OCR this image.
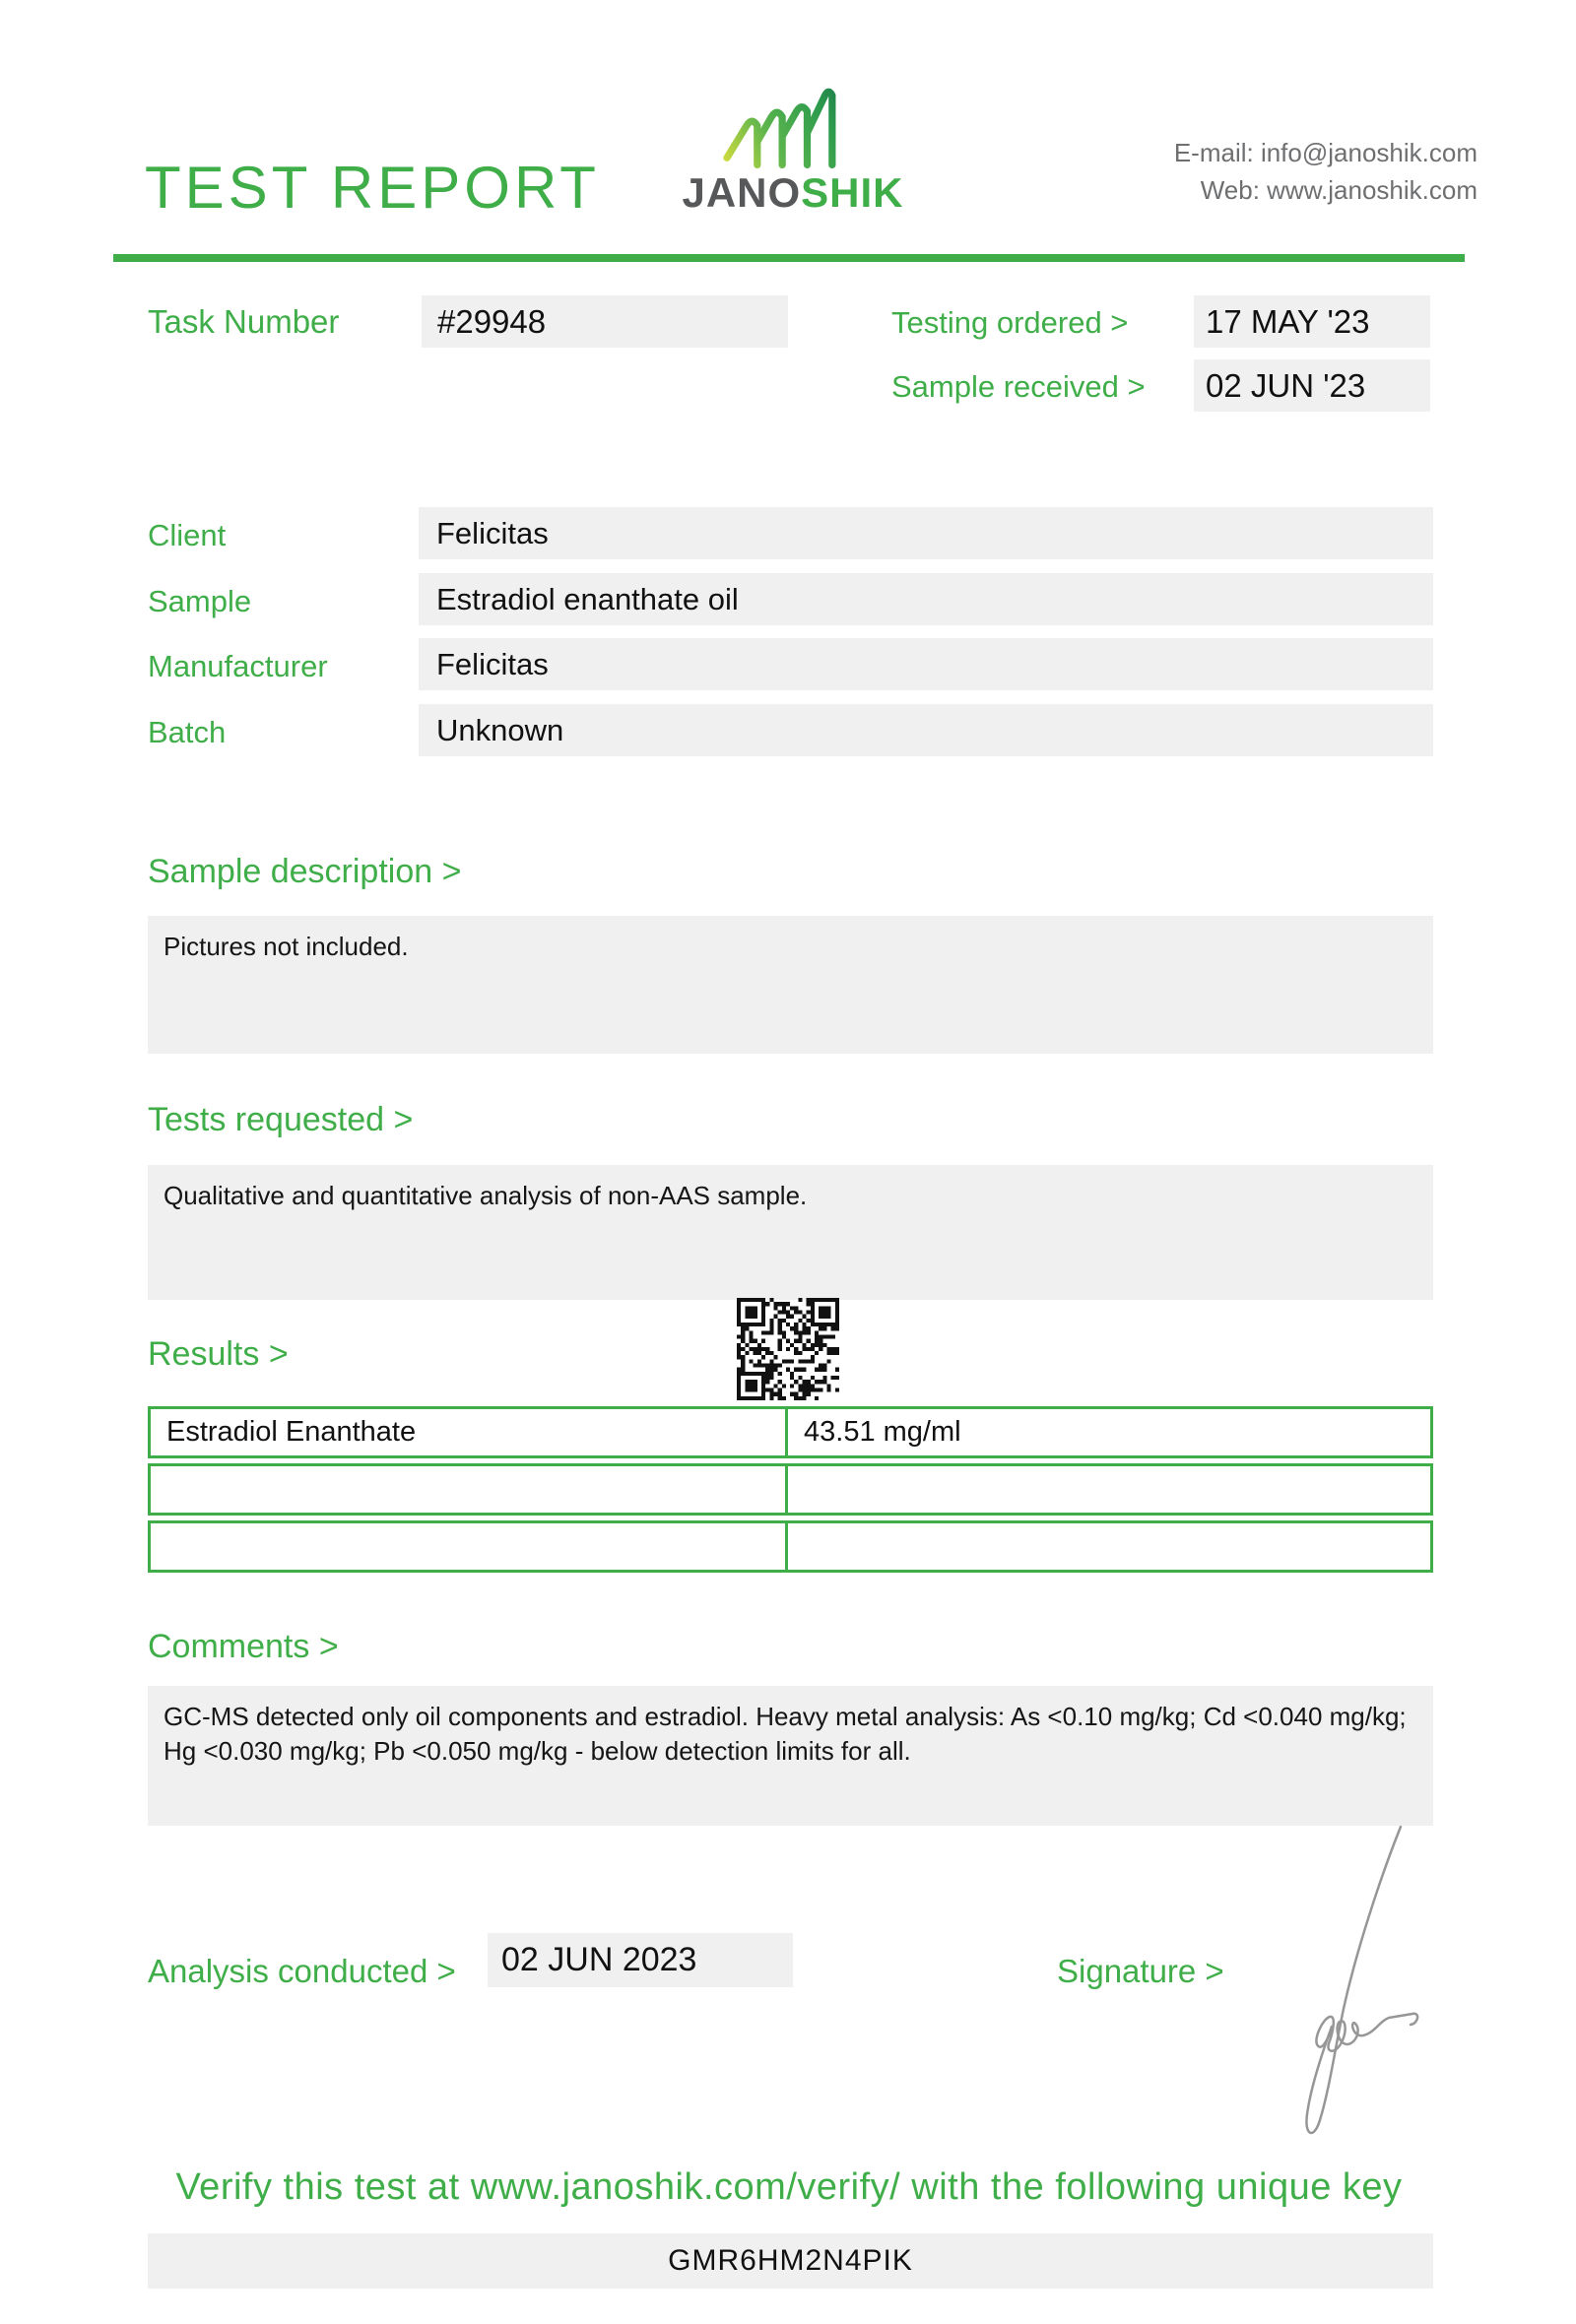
TEST REPORT JANOSHIK
E-mail: info@janoshik.com
Web: www.janoshik.com
Task Number	#29948	Testing ordered >	17 MAY '23
Sample received >	02 JUN '23
Client	Felicitas
Sample	Estradiol enanthate oil
Manufacturer	Felicitas
Batch	Unknown
Sample description >
Pictures not included.
Tests requested >
Qualitative and quantitative analysis of non-AAS sample.
Results >
Estradiol Enanthate	43.51 mg/ml
Comments >
GC-MS detected only oil components and estradiol. Heavy metal analysis: As <0.10 mg/kg; Cd <0.040 mg/kg; Hg <0.030 mg/kg; Pb <0.050 mg/kg - below detection limits for all.
Analysis conducted >	02 JUN 2023	Signature >
Verify this test at www.janoshik.com/verify/ with the following unique key
GMR6HM2N4PIK
